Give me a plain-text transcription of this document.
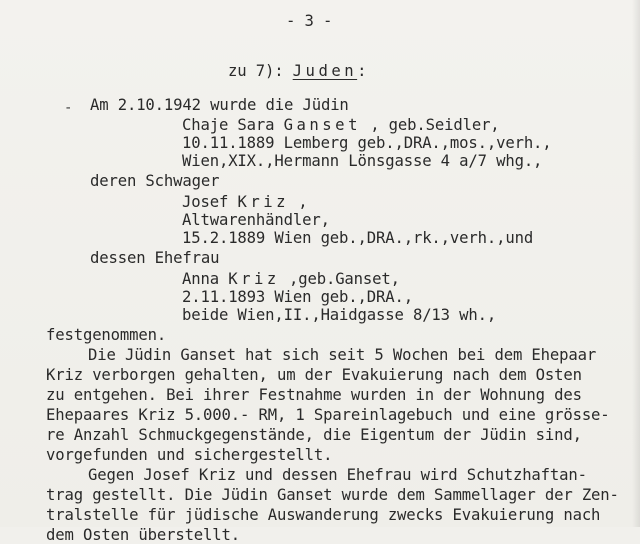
- 3 -
zu 7): Juden:
- Am 2.10.1942 wurde die Jüdin
Chaje Sara Ganset , geb.Seidler,
10.11.1889 Lemberg geb.,DRA.,mos.,verh.,
Wien,XIX.,Hermann Lönsgasse 4 a/7 whg.,
deren Schwager
Josef Kriz ,
Altwarenhändler,
15.2.1889 Wien geb.,DRA.,rk.,verh.,und
dessen Ehefrau
Anna Kriz ,geb.Ganset,
2.11.1893 Wien geb.,DRA.,
beide Wien,II.,Haidgasse 8/13 wh.,
festgenommen.
Die Jüdin Ganset hat sich seit 5 Wochen bei dem Ehepaar
Kriz verborgen gehalten, um der Evakuierung nach dem Osten
zu entgehen. Bei ihrer Festnahme wurden in der Wohnung des
Ehepaares Kriz 5.000.- RM, 1 Spareinlagebuch und eine grösse-
re Anzahl Schmuckgegenstände, die Eigentum der Jüdin sind,
vorgefunden und sichergestellt.
Gegen Josef Kriz und dessen Ehefrau wird Schutzhaftan-
trag gestellt. Die Jüdin Ganset wurde dem Sammellager der Zen-
tralstelle für jüdische Auswanderung zwecks Evakuierung nach
dem Osten überstellt.
